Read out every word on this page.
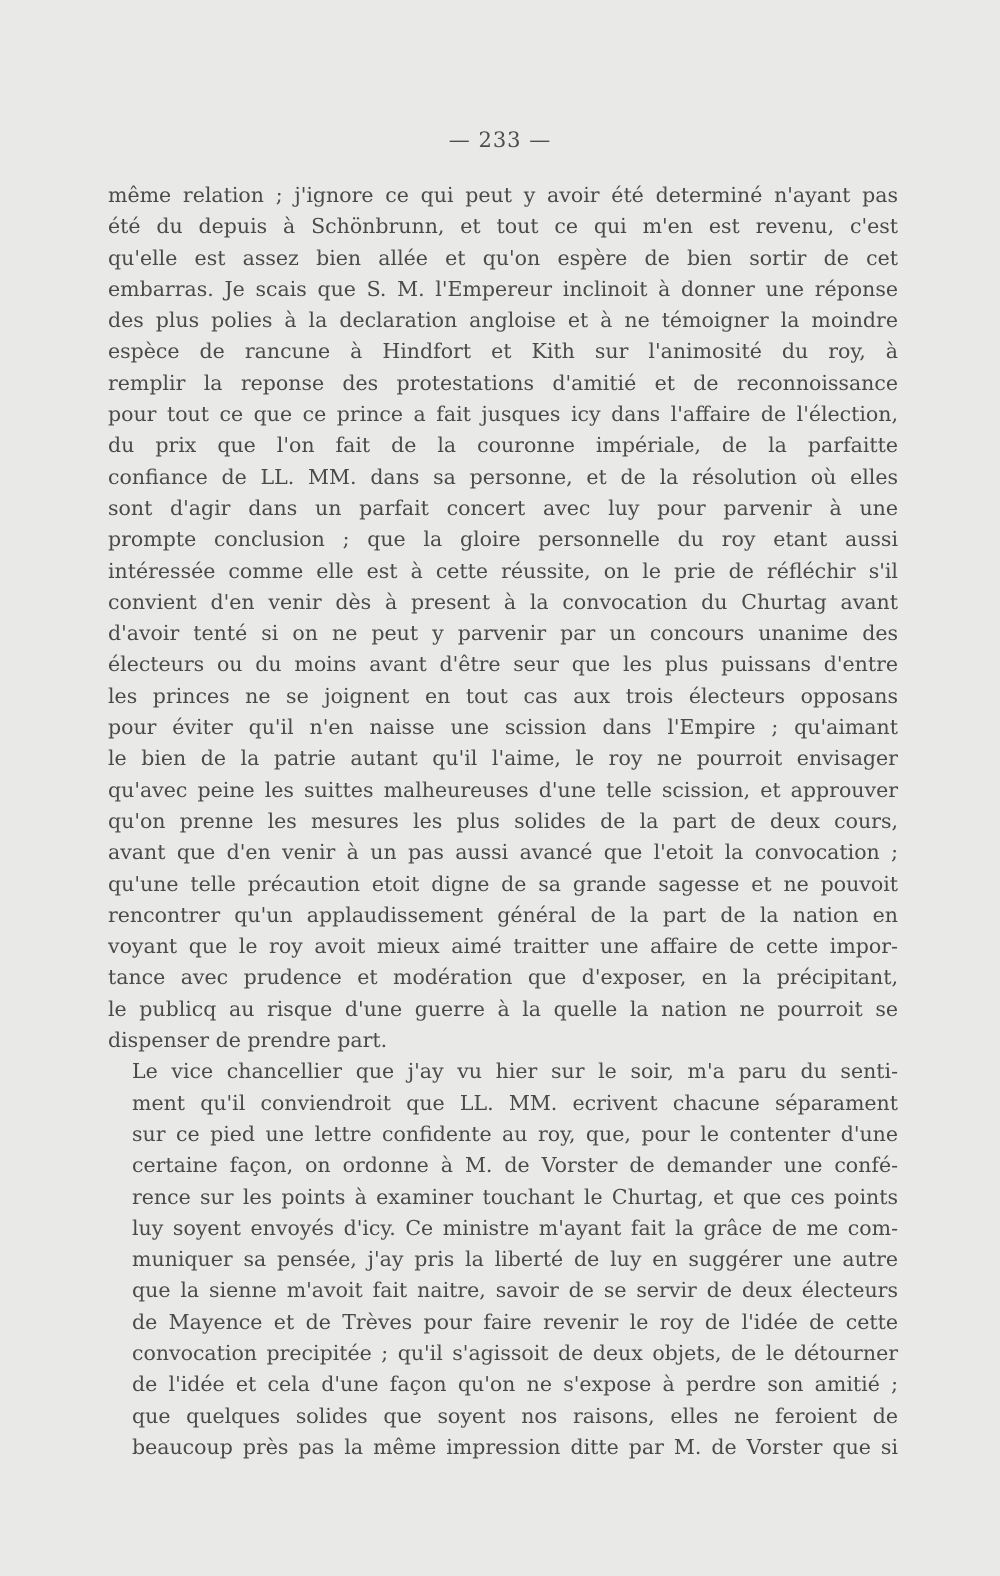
— 233 —

même relation ; j'ignore ce qui peut y avoir été determiné n'ayant pas
été du depuis à Schönbrunn, et tout ce qui m'en est revenu, c'est
qu'elle est assez bien allée et qu'on espère de bien sortir de cet
embarras. Je scais que S. M. l'Empereur inclinoit à donner une réponse
des plus polies à la declaration angloise et à ne témoigner la moindre
espèce de rancune à Hindfort et Kith sur l'animosité du roy, à
remplir la reponse des protestations d'amitié et de reconnoissance
pour tout ce que ce prince a fait jusques icy dans l'affaire de l'élection,
du prix que l'on fait de la couronne impériale, de la parfaitte
confiance de LL. MM. dans sa personne, et de la résolution où elles
sont d'agir dans un parfait concert avec luy pour parvenir à une
prompte conclusion ; que la gloire personnelle du roy etant aussi
intéressée comme elle est à cette réussite, on le prie de réfléchir s'il
convient d'en venir dès à present à la convocation du Churtag avant
d'avoir tenté si on ne peut y parvenir par un concours unanime des
électeurs ou du moins avant d'être seur que les plus puissans d'entre
les princes ne se joignent en tout cas aux trois électeurs opposans
pour éviter qu'il n'en naisse une scission dans l'Empire ; qu'aimant
le bien de la patrie autant qu'il l'aime, le roy ne pourroit envisager
qu'avec peine les suittes malheureuses d'une telle scission, et approuver
qu'on prenne les mesures les plus solides de la part de deux cours,
avant que d'en venir à un pas aussi avancé que l'etoit la convocation ;
qu'une telle précaution etoit digne de sa grande sagesse et ne pouvoit
rencontrer qu'un applaudissement général de la part de la nation en
voyant que le roy avoit mieux aimé traitter une affaire de cette impor-
tance avec prudence et modération que d'exposer, en la précipitant,
le publicq au risque d'une guerre à la quelle la nation ne pourroit se
dispenser de prendre part.

Le vice chancellier que j'ay vu hier sur le soir, m'a paru du senti-
ment qu'il conviendroit que LL. MM. ecrivent chacune séparament
sur ce pied une lettre confidente au roy, que, pour le contenter d'une
certaine façon, on ordonne à M. de Vorster de demander une confé-
rence sur les points à examiner touchant le Churtag, et que ces points
luy soyent envoyés d'icy. Ce ministre m'ayant fait la grâce de me com-
muniquer sa pensée, j'ay pris la liberté de luy en suggérer une autre
que la sienne m'avoit fait naitre, savoir de se servir de deux électeurs
de Mayence et de Trèves pour faire revenir le roy de l'idée de cette
convocation precipitée ; qu'il s'agissoit de deux objets, de le détourner
de l'idée et cela d'une façon qu'on ne s'expose à perdre son amitié ;
que quelques solides que soyent nos raisons, elles ne feroient de
beaucoup près pas la même impression ditte par M. de Vorster que si
